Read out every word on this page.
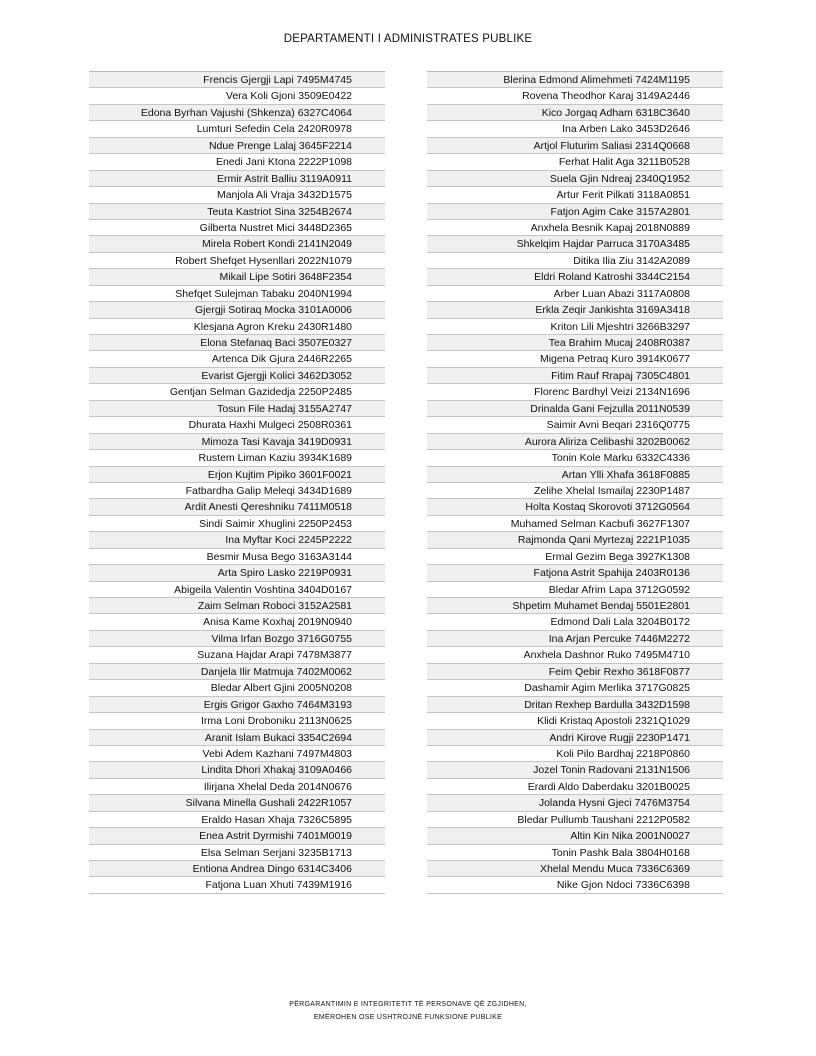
DEPARTAMENTI I ADMINISTRATES PUBLIKE
Frencis Gjergji Lapi 7495M4745
Vera Koli Gjoni 3509E0422
Edona Byrhan Vajushi (Shkenza) 6327C4064
Lumturi Sefedin Cela 2420R0978
Ndue Prenge Lalaj 3645F2214
Enedi Jani Ktona 2222P1098
Ermir Astrit Balliu 3119A0911
Manjola Ali Vraja 3432D1575
Teuta Kastriot Sina 3254B2674
Gilberta Nustret Mici 3448D2365
Mirela Robert Kondi 2141N2049
Robert Shefqet Hysenllari 2022N1079
Mikail Lipe Sotiri 3648F2354
Shefqet Sulejman Tabaku 2040N1994
Gjergji Sotiraq Mocka 3101A0006
Klesjana Agron Kreku 2430R1480
Elona Stefanaq Baci 3507E0327
Artenca Dik Gjura 2446R2265
Evarist Gjergji Kolici 3462D3052
Gentjan Selman Gazidedja 2250P2485
Tosun File Hadaj 3155A2747
Dhurata Haxhi Mulgeci 2508R0361
Mimoza Tasi Kavaja 3419D0931
Rustem Liman Kaziu 3934K1689
Erjon Kujtim Pipiko 3601F0021
Fatbardha Galip Meleqi 3434D1689
Ardit Anesti Qereshniku 7411M0518
Sindi Saimir Xhuglini 2250P2453
Ina Myftar Koci 2245P2222
Besmir Musa Bego 3163A3144
Arta Spiro Lasko 2219P0931
Abigeila Valentin Voshtina 3404D0167
Zaim Selman Roboci 3152A2581
Anisa Kame Koxhaj 2019N0940
Vilma Irfan Bozgo 3716G0755
Suzana Hajdar Arapi 7478M3877
Danjela Ilir Matmuja 7402M0062
Bledar Albert Gjini 2005N0208
Ergis Grigor Gaxho 7464M3193
Irma Loni Droboniku 2113N0625
Aranit Islam Bukaci 3354C2694
Vebi Adem Kazhani 7497M4803
Lindita Dhori Xhakaj 3109A0466
Ilirjana Xhelal Deda 2014N0676
Silvana Minella Gushali 2422R1057
Eraldo Hasan Xhaja 7326C5895
Enea Astrit Dyrmishi 7401M0019
Elsa Selman Serjani 3235B1713
Entiona Andrea Dingo 6314C3406
Fatjona Luan Xhuti 7439M1916
Blerina Edmond Alimehmeti 7424M1195
Rovena Theodhor Karaj 3149A2446
Kico Jorgaq Adham 6318C3640
Ina Arben Lako 3453D2646
Artjol Fluturim Saliasi 2314Q0668
Ferhat Halit Aga 3211B0528
Suela Gjin Ndreaj 2340Q1952
Artur Ferit Pilkati 3118A0851
Fatjon Agim Cake 3157A2801
Anxhela Besnik Kapaj 2018N0889
Shkelqim Hajdar Parruca 3170A3485
Ditika Ilia Ziu 3142A2089
Eldri Roland Katroshi 3344C2154
Arber Luan Abazi 3117A0808
Erkla Zeqir Jankishta 3169A3418
Kriton Lili Mjeshtri 3266B3297
Tea Brahim Mucaj 2408R0387
Migena Petraq Kuro 3914K0677
Fitim Rauf Rrapaj 7305C4801
Florenc Bardhyl Veizi 2134N1696
Drinalda Gani Fejzulla 2011N0539
Saimir Avni Beqari 2316Q0775
Aurora Aliriza Celibashi 3202B0062
Tonin Kole Marku 6332C4336
Artan Ylli Xhafa 3618F0885
Zelihe Xhelal Ismailaj 2230P1487
Holta Kostaq Skorovoti 3712G0564
Muhamed Selman Kacbufi 3627F1307
Rajmonda Qani Myrtezaj 2221P1035
Ermal Gezim Bega 3927K1308
Fatjona Astrit Spahija 2403R0136
Bledar Afrim Lapa 3712G0592
Shpetim Muhamet Bendaj 5501E2801
Edmond Dali Lala 3204B0172
Ina Arjan Percuke 7446M2272
Anxhela Dashnor Ruko 7495M4710
Feim Qebir Rexho 3618F0877
Dashamir Agim Merlika 3717G0825
Dritan Rexhep Bardulla 3432D1598
Klidi Kristaq Apostoli 2321Q1029
Andri Kirove Rugji 2230P1471
Koli Pilo Bardhaj 2218P0860
Jozel Tonin Radovani 2131N1506
Erardi Aldo Daberdaku 3201B0025
Jolanda Hysni Gjeci 7476M3754
Bledar Pullumb Taushani 2212P0582
Altin Kin Nika 2001N0027
Tonin Pashk Bala 3804H0168
Xhelal Mendu Muca 7336C6369
Nike Gjon Ndoci 7336C6398
PËRGARANTIMIN E INTEGRITETIT TË PERSONAVE QË ZGJIDHEN,
EMËROHEN OSE USHTROJNË FUNKSIONE PUBLIKE
